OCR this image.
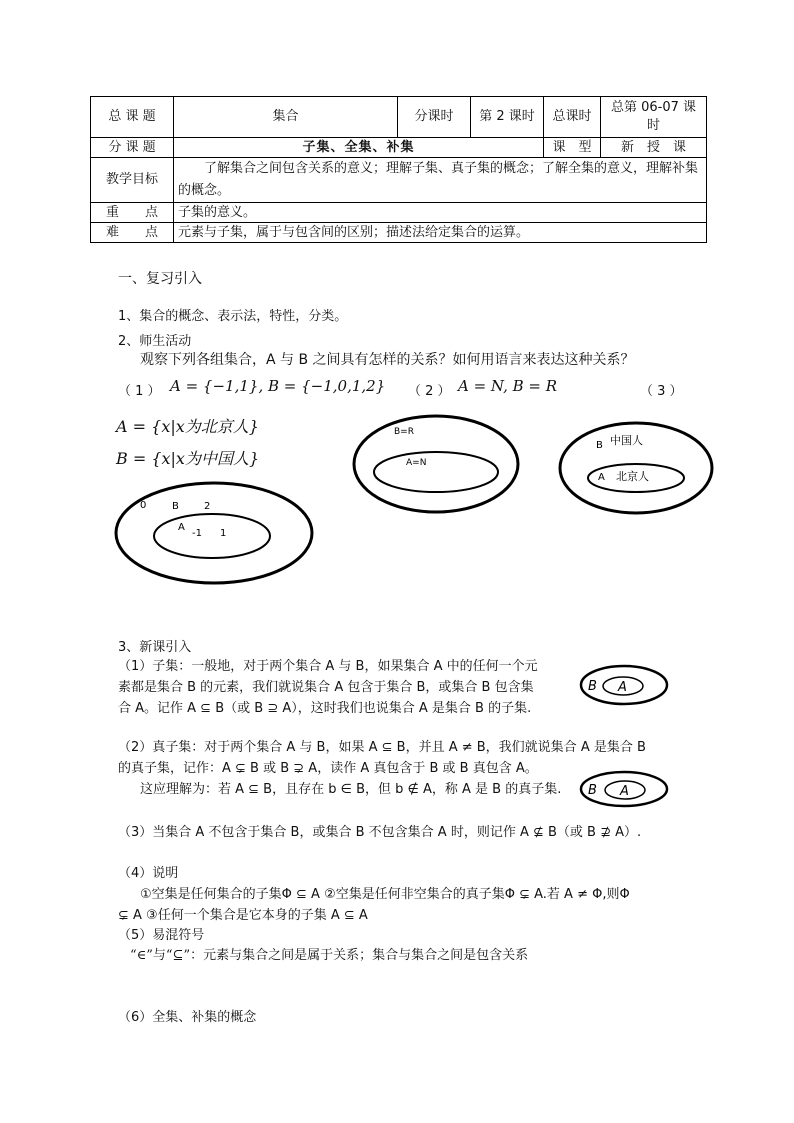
总 课 题	集合	分课时	第 2 课时	总课时	总第 06-07 课时
分 课 题	子集、全集、补集			课　型	新　授　课
教学目标	了解集合之间包含关系的意义；理解子集、真子集的概念；了解全集的意义，理解补集的概念。				
重　　点	子集的意义。				
难　　点	元素与子集，属于与包含间的区别；描述法给定集合的运算。				
一、复习引入
1、集合的概念、表示法，特性，分类。
2、师生活动
观察下列各组集合，A 与 B 之间具有怎样的关系？如何用语言来表达这种关系？
（ 1 ） A = {−1,1}, B = {−1,0,1,2} （ 2 ） A = N, B = R	（ 3 ）
A = {x|x为北京人}
B = {x|x为中国人}
B
0	2
A
-1 1
B=R
A=N
B 中国人
A 北京人
3、新课引入
（1）子集：一般地，对于两个集合 A 与 B，如果集合 A 中的任何一个元
素都是集合 B 的元素，我们就说集合 A 包含于集合 B，或集合 B 包含集
合 A。记作 A ⊆ B（或 B ⊇ A），这时我们也说集合 A 是集合 B 的子集.
B A
（2）真子集：对于两个集合 A 与 B，如果 A ⊆ B，并且 A ≠ B，我们就说集合 A 是集合 B
的真子集，记作：A ⊊ B 或 B ⊋ A，读作 A 真包含于 B 或 B 真包含 A。
这应理解为：若 A ⊆ B，且存在 b ∈ B，但 b ∉ A，称 A 是 B 的真子集.	B A
（3）当集合 A 不包含于集合 B，或集合 B 不包含集合 A 时，则记作 A ⊈ B（或 B ⊉ A）.
（4）说明
①空集是任何集合的子集Φ ⊆ A ②空集是任何非空集合的真子集Φ ⊊ A.若 A ≠ Φ,则Φ
⊊ A ③任何一个集合是它本身的子集 A ⊆ A
（5）易混符号
“∈”与“⊆”：元素与集合之间是属于关系；集合与集合之间是包含关系
（6）全集、补集的概念
